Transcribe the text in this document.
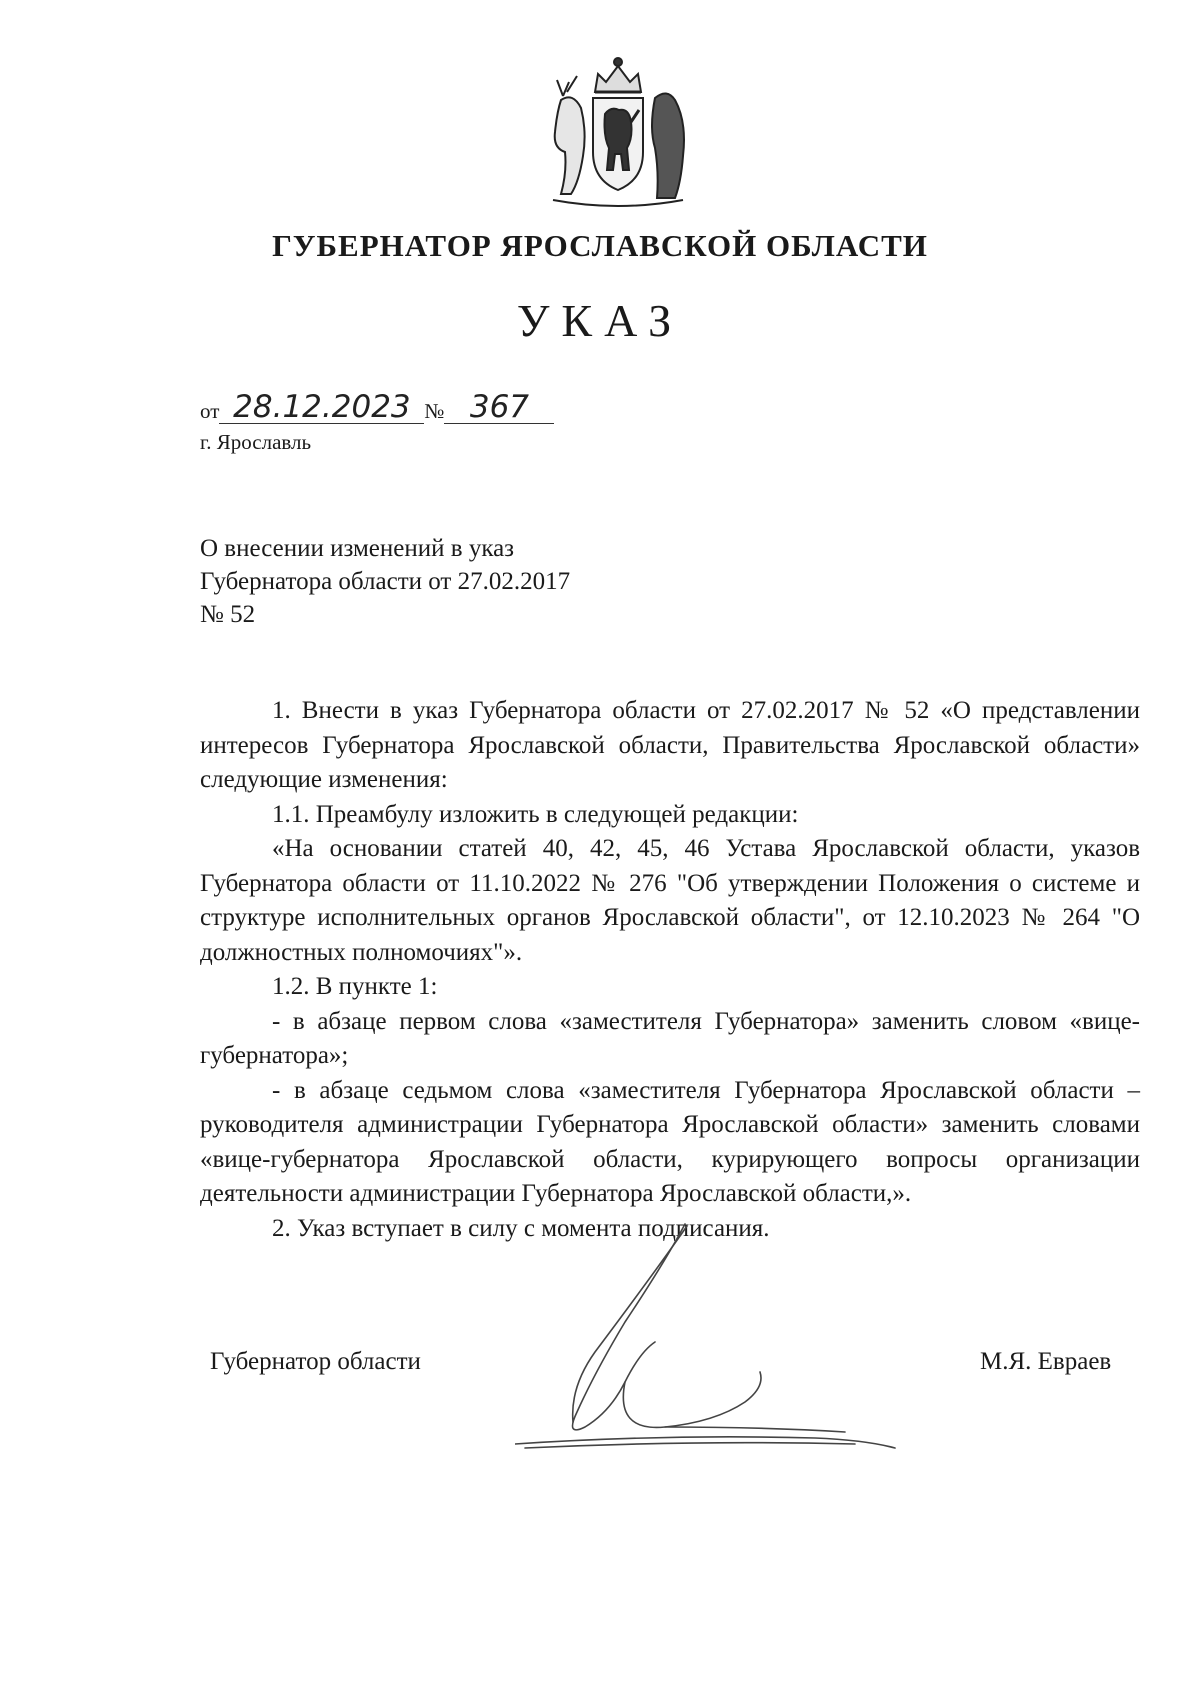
ГУБЕРНАТОР ЯРОСЛАВСКОЙ ОБЛАСТИ
УКАЗ
от 28.12.2023 № 367
г. Ярославль
О внесении изменений в указ
Губернатора области от 27.02.2017
№ 52
1. Внести в указ Губернатора области от 27.02.2017 № 52 «О представлении интересов Губернатора Ярославской области, Правительства Ярославской области» следующие изменения:
1.1. Преамбулу изложить в следующей редакции:
«На основании статей 40, 42, 45, 46 Устава Ярославской области, указов Губернатора области от 11.10.2022 № 276 "Об утверждении Положения о системе и структуре исполнительных органов Ярославской области", от 12.10.2023 № 264 "О должностных полномочиях"».
1.2. В пункте 1:
- в абзаце первом слова «заместителя Губернатора» заменить словом «вице-губернатора»;
- в абзаце седьмом слова «заместителя Губернатора Ярославской области – руководителя администрации Губернатора Ярославской области» заменить словами «вице-губернатора Ярославской области, курирующего вопросы организации деятельности администрации Губернатора Ярославской области,».
2. Указ вступает в силу с момента подписания.
Губернатор области	М.Я. Евраев
